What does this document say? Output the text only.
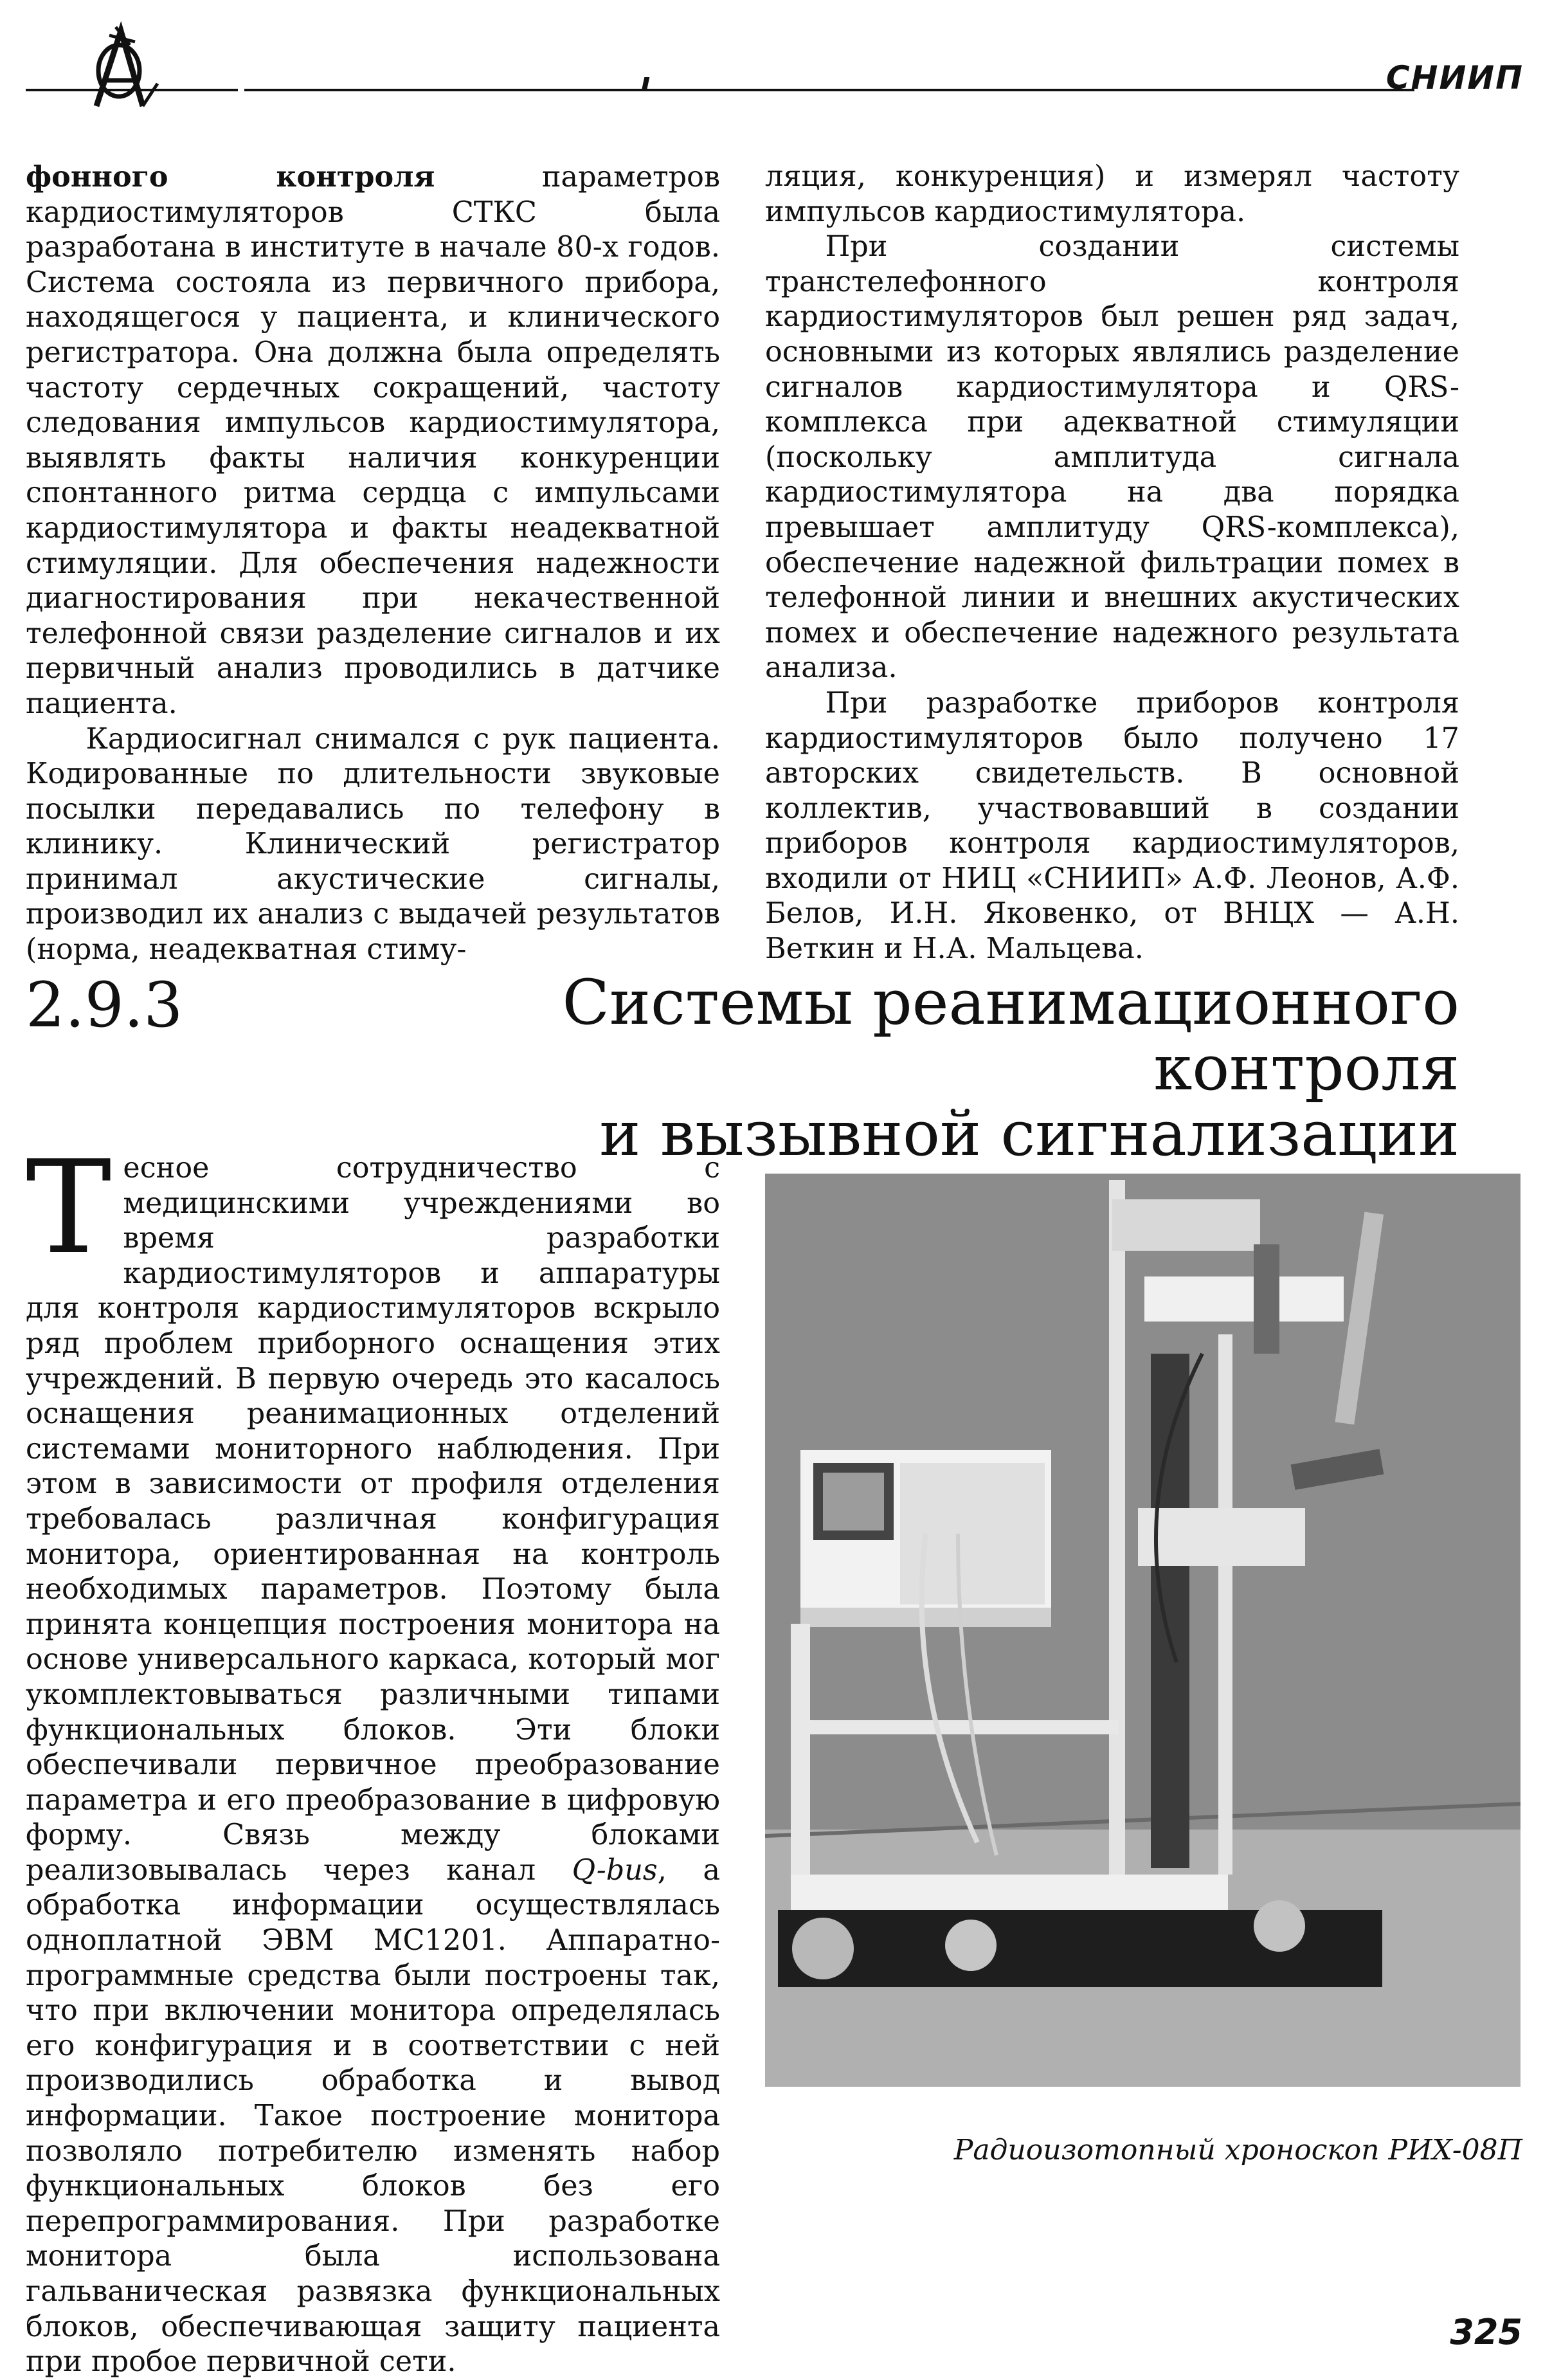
СНИИП

фонного контроля параметров кардиостимуляторов СТКС была разработана в институте в начале 80-х годов. Система состояла из первичного прибора, находящегося у пациента, и клинического регистратора. Она должна была определять частоту сердечных сокращений, частоту следования импульсов кардиостимулятора, выявлять факты наличия конкуренции спонтанного ритма сердца с импульсами кардиостимулятора и факты неадекватной стимуляции. Для обеспечения надежности диагностирования при некачественной телефонной связи разделение сигналов и их первичный анализ проводились в датчике пациента.

Кардиосигнал снимался с рук пациента. Кодированные по длительности звуковые посылки передавались по телефону в клинику. Клинический регистратор принимал акустические сигналы, производил их анализ с выдачей результатов (норма, неадекватная стиму-

ляция, конкуренция) и измерял частоту импульсов кардиостимулятора.

При создании системы транстелефонного контроля кардиостимуляторов был решен ряд задач, основными из которых являлись разделение сигналов кардиостимулятора и QRS-комплекса при адекватной стимуляции (поскольку амплитуда сигнала кардиостимулятора на два порядка превышает амплитуду QRS-комплекса), обеспечение надежной фильтрации помех в телефонной линии и внешних акустических помех и обеспечение надежного результата анализа.

При разработке приборов контроля кардиостимуляторов было получено 17 авторских свидетельств. В основной коллектив, участвовавший в создании приборов контроля кардиостимуляторов, входили от НИЦ «СНИИП» А.Ф. Леонов, А.Ф. Белов, И.Н. Яковенко, от ВНЦХ — А.Н. Веткин и Н.А. Мальцева.

2.9.3	Системы реанимационного контроля
и вызывной сигнализации

Тесное сотрудничество с медицинскими учреждениями во время разработки кардиостимуляторов и аппаратуры для контроля кардиостимуляторов вскрыло ряд проблем приборного оснащения этих учреждений. В первую очередь это касалось оснащения реанимационных отделений системами мониторного наблюдения. При этом в зависимости от профиля отделения требовалась различная конфигурация монитора, ориентированная на контроль необходимых параметров. Поэтому была принята концепция построения монитора на основе универсального каркаса, который мог укомплектовываться различными типами функциональных блоков. Эти блоки обеспечивали первичное преобразование параметра и его преобразование в цифровую форму. Связь между блоками реализовывалась через канал Q-bus, а обработка информации осуществлялась одноплатной ЭВМ МС1201. Аппаратно-программные средства были построены так, что при включении монитора определялась его конфигурация и в соответствии с ней производились обработка и вывод информации. Такое построение монитора позволяло потребителю изменять набор функциональных блоков без его перепрограммирования. При разработке монитора была использована гальваническая развязка функциональных блоков, обеспечивающая защиту пациента при пробое первичной сети.

Радиоизотопный хроноскоп РИХ-08П
325
